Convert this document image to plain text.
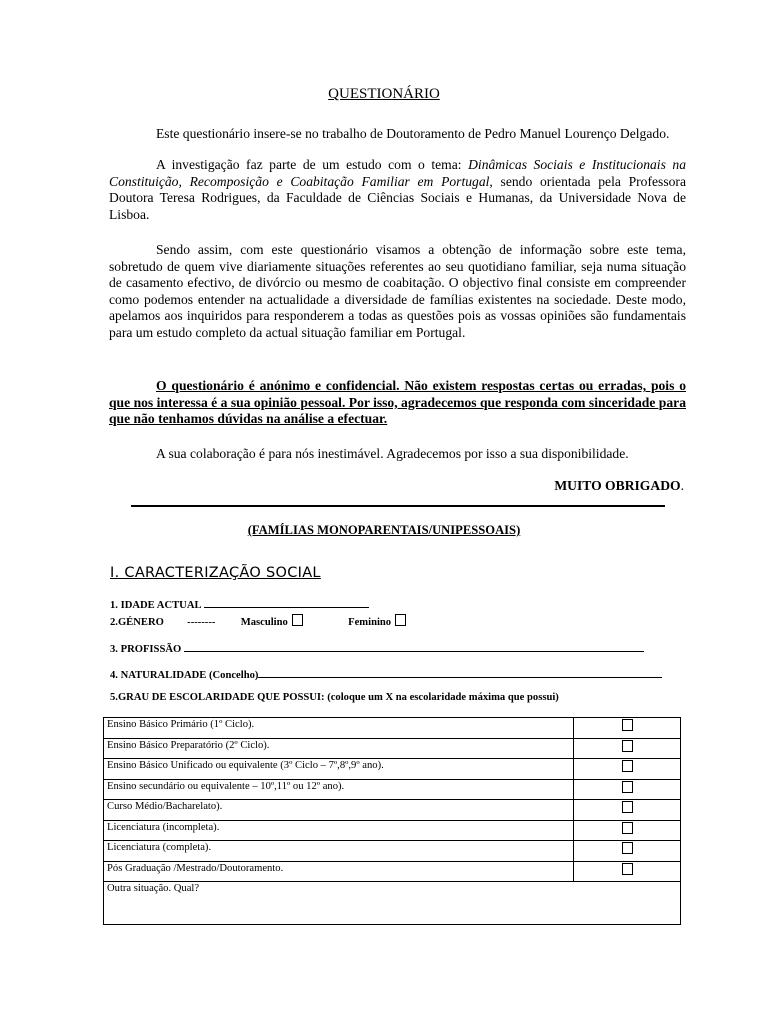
QUESTIONÁRIO

Este questionário insere-se no trabalho de Doutoramento de Pedro Manuel Lourenço Delgado.

A investigação faz parte de um estudo com o tema: Dinâmicas Sociais e Institucionais na Constituição, Recomposição e Coabitação Familiar em Portugal, sendo orientada pela Professora Doutora Teresa Rodrigues, da Faculdade de Ciências Sociais e Humanas, da Universidade Nova de Lisboa.

Sendo assim, com este questionário visamos a obtenção de informação sobre este tema, sobretudo de quem vive diariamente situações referentes ao seu quotidiano familiar, seja numa situação de casamento efectivo, de divórcio ou mesmo de coabitação. O objectivo final consiste em compreender como podemos entender na actualidade a diversidade de famílias existentes na sociedade. Deste modo, apelamos aos inquiridos para responderem a todas as questões pois as vossas opiniões são fundamentais para um estudo completo da actual situação familiar em Portugal.

O questionário é anónimo e confidencial. Não existem respostas certas ou erradas, pois o que nos interessa é a sua opinião pessoal. Por isso, agradecemos que responda com sinceridade para que não tenhamos dúvidas na análise a efectuar.

A sua colaboração é para nós inestimável. Agradecemos por isso a sua disponibilidade.

MUITO OBRIGADO.
(FAMÍLIAS MONOPARENTAIS/UNIPESSOAIS)
I. CARACTERIZAÇÃO SOCIAL
1. IDADE ACTUAL
2.GÉNERO -------- Masculino	Feminino
3. PROFISSÃO
4. NATURALIDADE (Concelho)
5.GRAU DE ESCOLARIDADE QUE POSSUI: (coloque um X na escolaridade máxima que possui)
Ensino Básico Primário (1º Ciclo).	
Ensino Básico Preparatório (2º Ciclo).	
Ensino Básico Unificado ou equivalente (3º Ciclo – 7º,8º,9º ano).	
Ensino secundário ou equivalente – 10º,11º ou 12º ano).	
Curso Médio/Bacharelato).	
Licenciatura (incompleta).	
Licenciatura (completa).	
Pós Graduação /Mestrado/Doutoramento.	
Outra situação. Qual?	
